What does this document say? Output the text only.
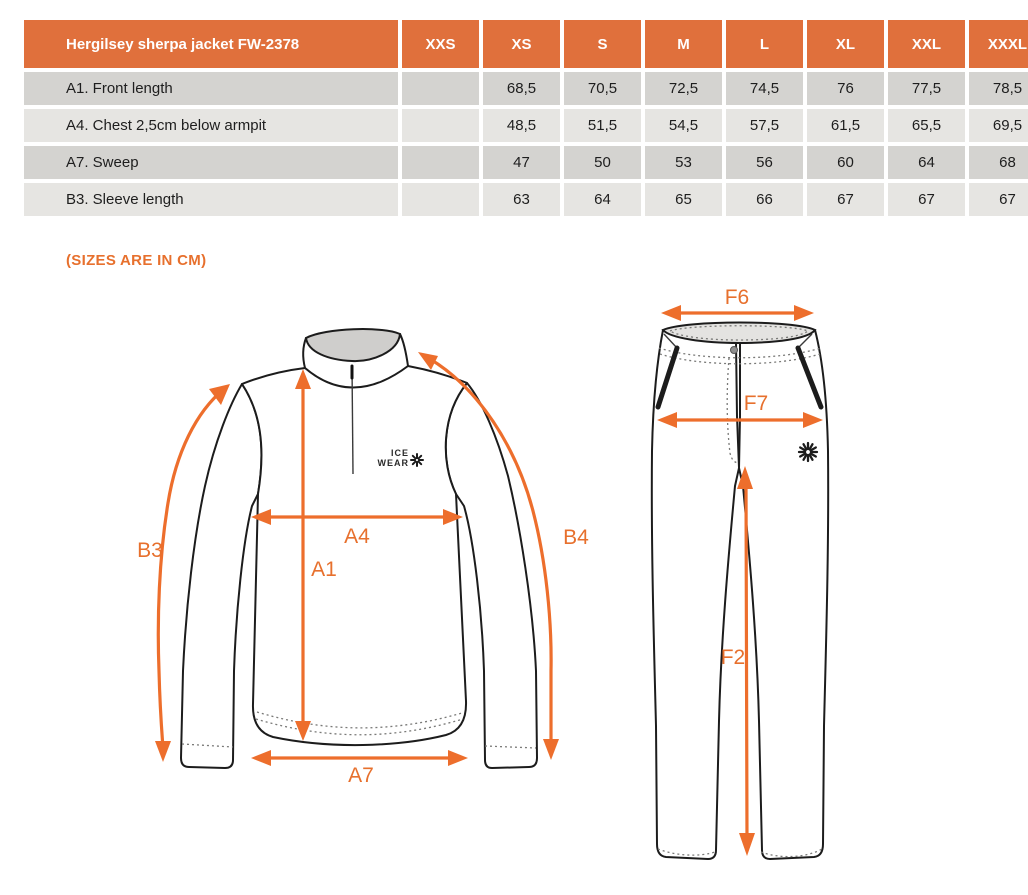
Hergilsey sherpa jacket FW-2378	XXS	XS	S	M	L	XL	XXL	XXXL
A1. Front length		68,5	70,5	72,5	74,5	76	77,5	78,5
A4. Chest 2,5cm below armpit		48,5	51,5	54,5	57,5	61,5	65,5	69,5
A7. Sweep		47	50	53	56	60	64	68
B3. Sleeve length		63	64	65	66	67	67	67
(SIZES ARE IN CM)
ICE
WEAR
A1
A4
A7
B3
B4
F6
F7
F2
